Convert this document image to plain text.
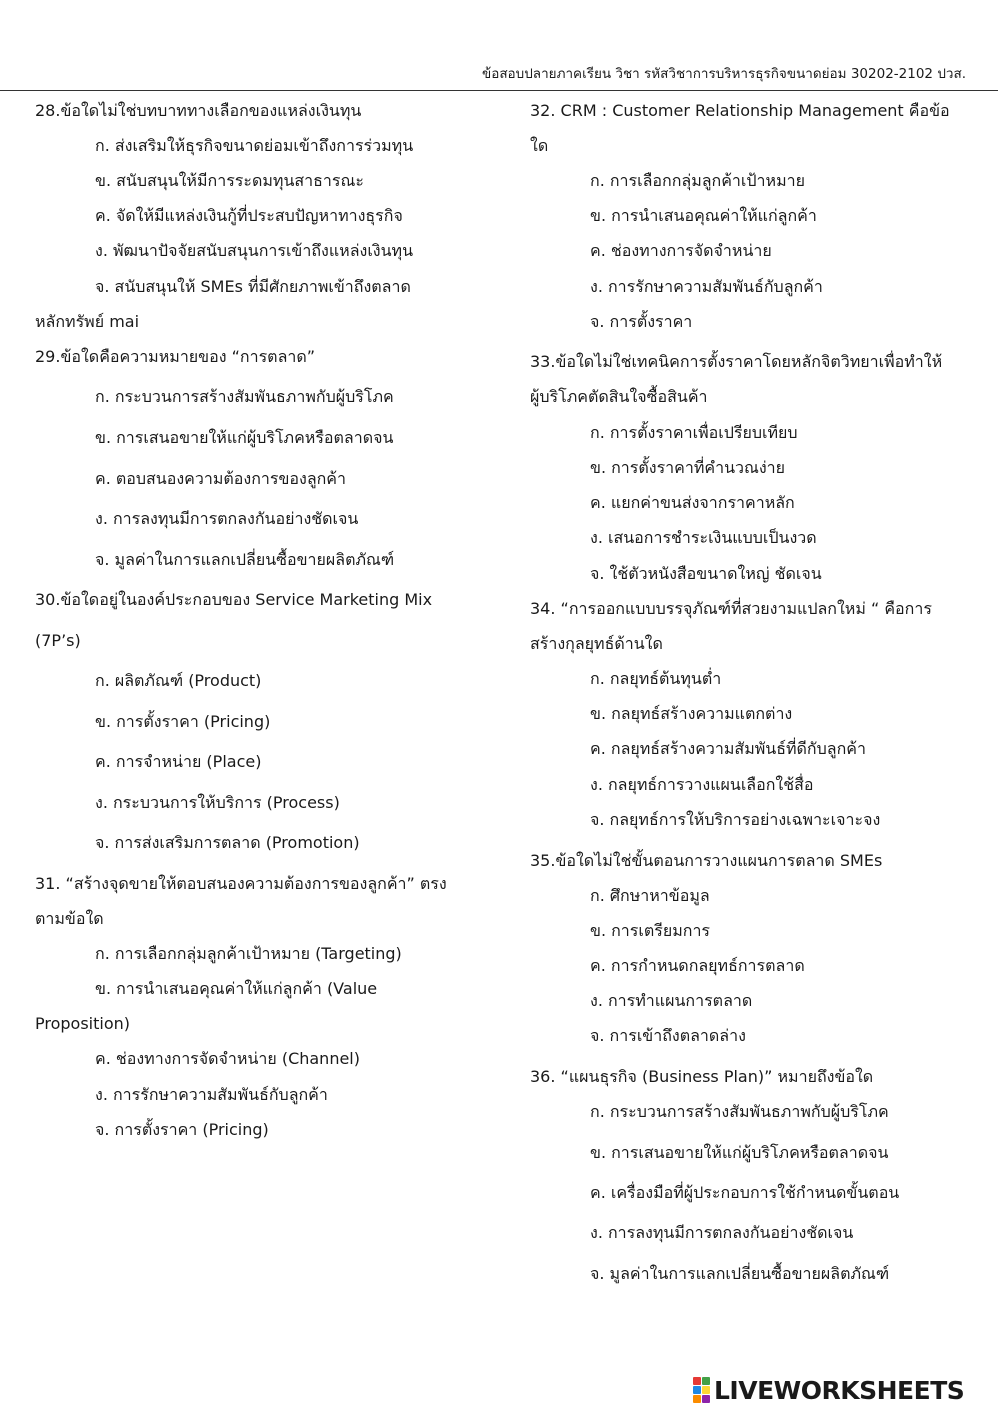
ข้อสอบปลายภาคเรียน วิชา รหัสวิชาการบริหารธุรกิจขนาดย่อม 30202-2102 ปวส.
28.ข้อใดไม่ใช่บทบาททางเลือกของแหล่งเงินทุน
ก. ส่งเสริมให้ธุรกิจขนาดย่อมเข้าถึงการร่วมทุน
ข. สนับสนุนให้มีการระดมทุนสาธารณะ
ค. จัดให้มีแหล่งเงินกู้ที่ประสบปัญหาทางธุรกิจ
ง. พัฒนาปัจจัยสนับสนุนการเข้าถึงแหล่งเงินทุน
จ. สนับสนุนให้ SMEs ที่มีศักยภาพเข้าถึงตลาด
หลักทรัพย์ mai
29.ข้อใดคือความหมายของ “การตลาด”
ก. กระบวนการสร้างสัมพันธภาพกับผู้บริโภค
ข. การเสนอขายให้แก่ผู้บริโภคหรือตลาดจน
ค. ตอบสนองความต้องการของลูกค้า
ง. การลงทุนมีการตกลงกันอย่างชัดเจน
จ. มูลค่าในการแลกเปลี่ยนซื้อขายผลิตภัณฑ์
30.ข้อใดอยู่ในองค์ประกอบของ Service Marketing Mix
(7P’s)
ก. ผลิตภัณฑ์ (Product)
ข. การตั้งราคา (Pricing)
ค. การจำหน่าย (Place)
ง. กระบวนการให้บริการ (Process)
จ. การส่งเสริมการตลาด (Promotion)
31. “สร้างจุดขายให้ตอบสนองความต้องการของลูกค้า” ตรง
ตามข้อใด
ก. การเลือกกลุ่มลูกค้าเป้าหมาย (Targeting)
ข. การนำเสนอคุณค่าให้แก่ลูกค้า (Value
Proposition)
ค. ช่องทางการจัดจำหน่าย (Channel)
ง. การรักษาความสัมพันธ์กับลูกค้า
จ. การตั้งราคา (Pricing)
32. CRM : Customer Relationship Management คือข้อ
ใด
ก. การเลือกกลุ่มลูกค้าเป้าหมาย
ข. การนำเสนอคุณค่าให้แก่ลูกค้า
ค. ช่องทางการจัดจำหน่าย
ง. การรักษาความสัมพันธ์กับลูกค้า
จ. การตั้งราคา
33.ข้อใดไม่ใช่เทคนิคการตั้งราคาโดยหลักจิตวิทยาเพื่อทำให้
ผู้บริโภคตัดสินใจซื้อสินค้า
ก. การตั้งราคาเพื่อเปรียบเทียบ
ข. การตั้งราคาที่คำนวณง่าย
ค. แยกค่าขนส่งจากราคาหลัก
ง. เสนอการชำระเงินแบบเป็นงวด
จ. ใช้ตัวหนังสือขนาดใหญ่ ชัดเจน
34. “การออกแบบบรรจุภัณฑ์ที่สวยงามแปลกใหม่ “ คือการ
สร้างกุลยุทธ์ด้านใด
ก. กลยุทธ์ต้นทุนต่ำ
ข. กลยุทธ์สร้างความแตกต่าง
ค. กลยุทธ์สร้างความสัมพันธ์ที่ดีกับลูกค้า
ง. กลยุทธ์การวางแผนเลือกใช้สื่อ
จ. กลยุทธ์การให้บริการอย่างเฉพาะเจาะจง
35.ข้อใดไม่ใช่ขั้นตอนการวางแผนการตลาด SMEs
ก. ศึกษาหาข้อมูล
ข. การเตรียมการ
ค. การกำหนดกลยุทธ์การตลาด
ง. การทำแผนการตลาด
จ. การเข้าถึงตลาดล่าง
36. “แผนธุรกิจ (Business Plan)” หมายถึงข้อใด
ก. กระบวนการสร้างสัมพันธภาพกับผู้บริโภค
ข. การเสนอขายให้แก่ผู้บริโภคหรือตลาดจน
ค. เครื่องมือที่ผู้ประกอบการใช้กำหนดขั้นตอน
ง. การลงทุนมีการตกลงกันอย่างชัดเจน
จ. มูลค่าในการแลกเปลี่ยนซื้อขายผลิตภัณฑ์
LIVEWORKSHEETS
